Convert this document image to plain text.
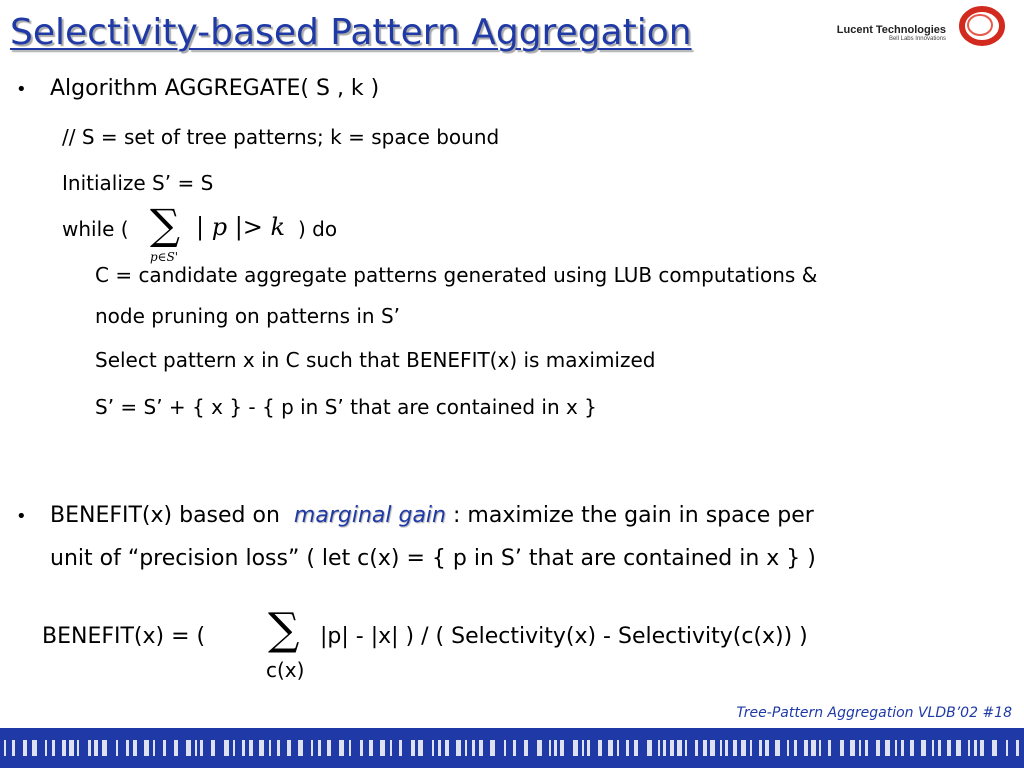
Selectivity-based Pattern Aggregation	Lucent Technologies
Bell Labs Innovations
• Algorithm AGGREGATE( S , k )
// S = set of tree patterns; k = space bound
Initialize S’ = S
while ( ∑
p∈S'
| p |> k ) do
C = candidate aggregate patterns generated using LUB computations &
node pruning on patterns in S’
Select pattern x in C such that BENEFIT(x) is maximized
S’ = S’ + { x } - { p in S’ that are contained in x }
• BENEFIT(x) based on marginal gain : maximize the gain in space per
unit of “precision loss” ( let c(x) = { p in S’ that are contained in x } )
BENEFIT(x) = ( ∑ |p| - |x| ) / ( Selectivity(x) - Selectivity(c(x)) )
c(x)
Tree-Pattern Aggregation VLDB’02 #18
